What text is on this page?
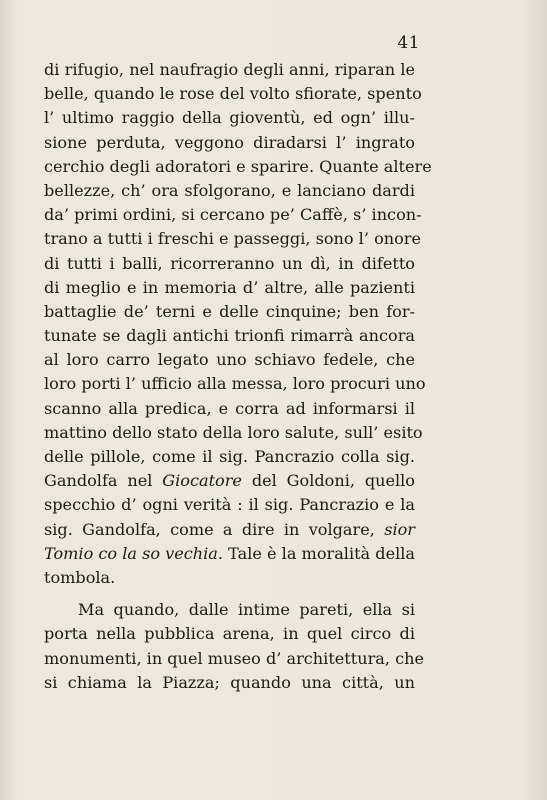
41
di rifugio, nel naufragio degli anni, riparan le
belle, quando le rose del volto sfiorate, spento
l’ ultimo raggio della gioventù, ed ogn’ illu-
sione perduta, veggono diradarsi l’ ingrato
cerchio degli adoratori e sparire. Quante altere
bellezze, ch’ ora sfolgorano, e lanciano dardi
da’ primi ordini, si cercano pe’ Caffè, s’ incon-
trano a tutti i freschi e passeggi, sono l’ onore
di tutti i balli, ricorreranno un dì, in difetto
di meglio e in memoria d’ altre, alle pazienti
battaglie de’ terni e delle cinquine; ben for-
tunate se dagli antichi trionfi rimarrà ancora
al loro carro legato uno schiavo fedele, che
loro porti l’ ufficio alla messa, loro procuri uno
scanno alla predica, e corra ad informarsi il
mattino dello stato della loro salute, sull’ esito
delle pillole, come il sig. Pancrazio colla sig.
Gandolfa nel Giocatore del Goldoni, quello
specchio d’ ogni verità : il sig. Pancrazio e la
sig. Gandolfa, come a dire in volgare, sior
Tomio co la so vechia. Tale è la moralità della
tombola.
Ma quando, dalle intime pareti, ella si
porta nella pubblica arena, in quel circo di
monumenti, in quel museo d’ architettura, che
si chiama la Piazza; quando una città, un
